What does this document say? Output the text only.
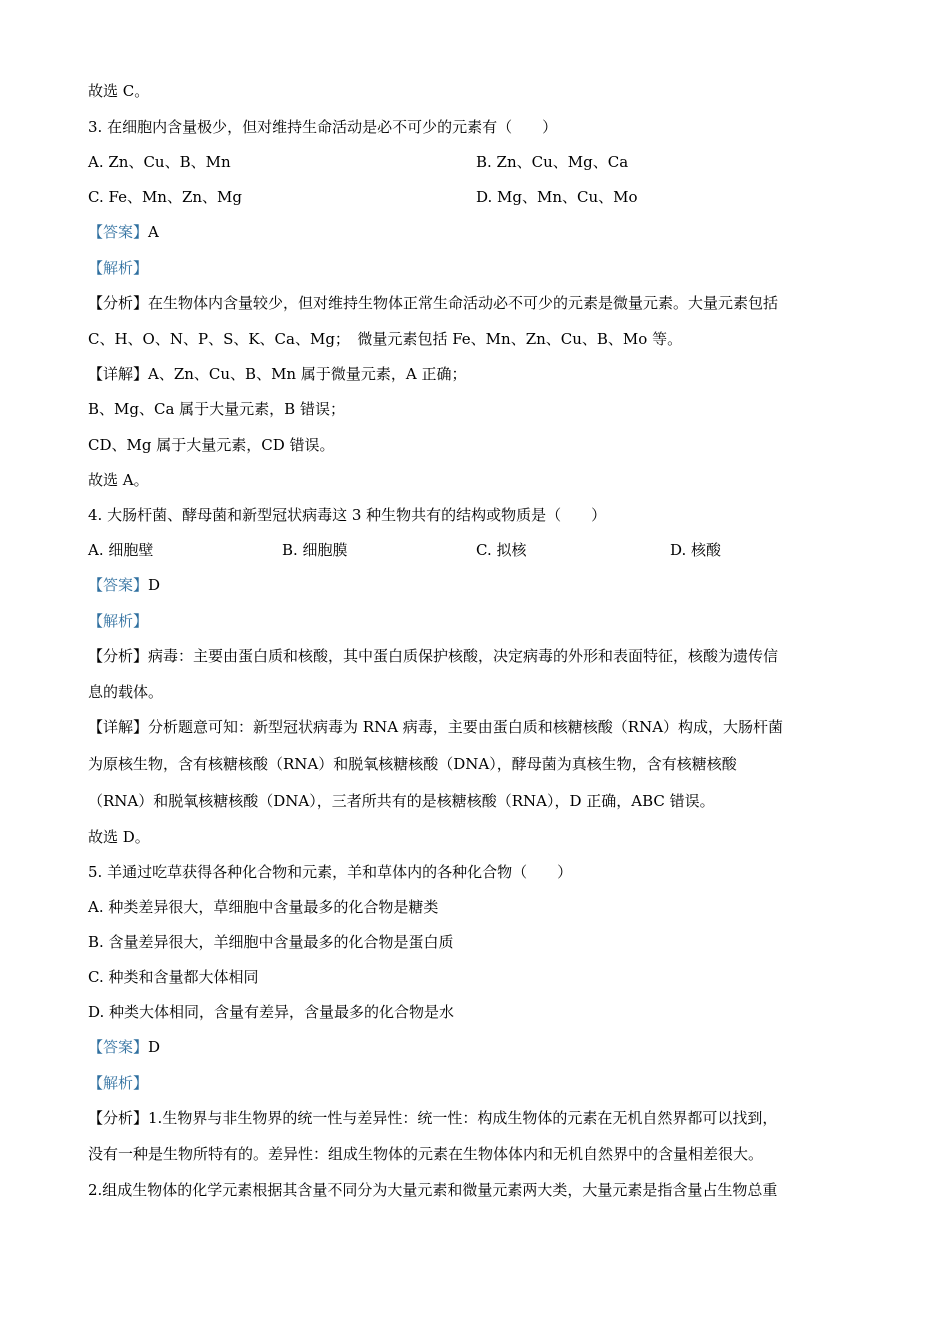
故选 C。
3. 在细胞内含量极少，但对维持生命活动是必不可少的元素有（　　）
A. Zn、Cu、B、Mn	B. Zn、Cu、Mg、Ca
C. Fe、Mn、Zn、Mg	D. Mg、Mn、Cu、Mo
【答案】A
【解析】
【分析】在生物体内含量较少，但对维持生物体正常生命活动必不可少的元素是微量元素。大量元素包括
C、H、O、N、P、S、K、Ca、Mg；　微量元素包括 Fe、Mn、Zn、Cu、B、Mo 等。
【详解】A、Zn、Cu、B、Mn 属于微量元素，A 正确；
B、Mg、Ca 属于大量元素，B 错误；
CD、Mg 属于大量元素，CD 错误。
故选 A。
4. 大肠杆菌、酵母菌和新型冠状病毒这 3 种生物共有的结构或物质是（　　）
A. 细胞壁	B. 细胞膜	C. 拟核	D. 核酸
【答案】D
【解析】
【分析】病毒：主要由蛋白质和核酸，其中蛋白质保护核酸，决定病毒的外形和表面特征，核酸为遗传信
息的载体。
【详解】分析题意可知：新型冠状病毒为 RNA 病毒，主要由蛋白质和核糖核酸（RNA）构成，大肠杆菌
为原核生物，含有核糖核酸（RNA）和脱氧核糖核酸（DNA），酵母菌为真核生物，含有核糖核酸
（RNA）和脱氧核糖核酸（DNA），三者所共有的是核糖核酸（RNA），D 正确，ABC 错误。
故选 D。
5. 羊通过吃草获得各种化合物和元素，羊和草体内的各种化合物（　　）
A. 种类差异很大，草细胞中含量最多的化合物是糖类
B. 含量差异很大，羊细胞中含量最多的化合物是蛋白质
C. 种类和含量都大体相同
D. 种类大体相同，含量有差异，含量最多的化合物是水
【答案】D
【解析】
【分析】1.生物界与非生物界的统一性与差异性：统一性：构成生物体的元素在无机自然界都可以找到，
没有一种是生物所特有的。差异性：组成生物体的元素在生物体体内和无机自然界中的含量相差很大。
2.组成生物体的化学元素根据其含量不同分为大量元素和微量元素两大类，大量元素是指含量占生物总重
